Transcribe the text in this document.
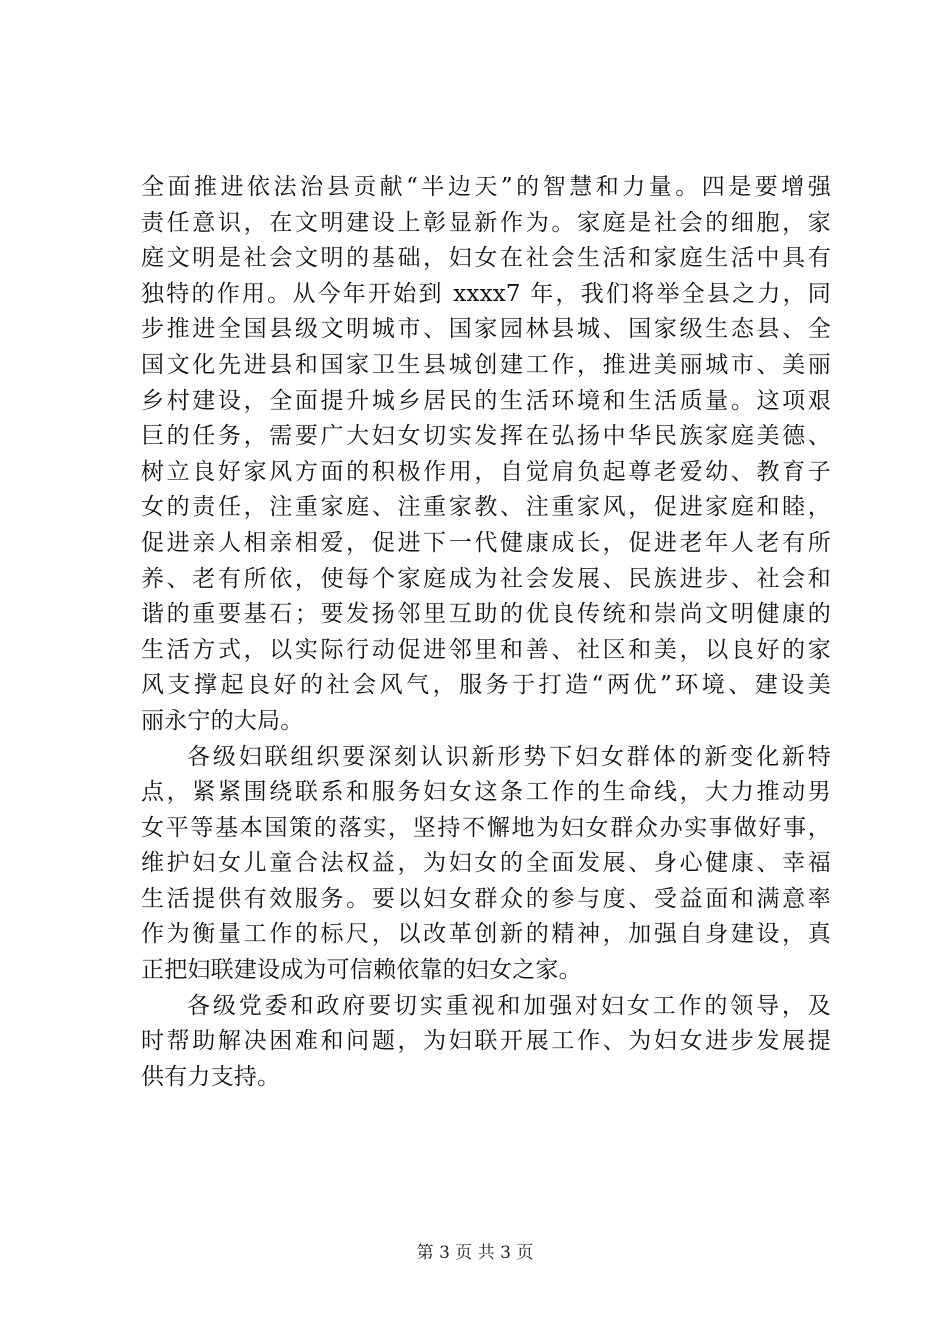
全面推进依法治县贡献“半边天”的智慧和力量。四是要增强
责任意识，在文明建设上彰显新作为。家庭是社会的细胞，家
庭文明是社会文明的基础，妇女在社会生活和家庭生活中具有
独特的作用。从今年开始到 xxxx7 年，我们将举全县之力，同
步推进全国县级文明城市、国家园林县城、国家级生态县、全
国文化先进县和国家卫生县城创建工作，推进美丽城市、美丽
乡村建设，全面提升城乡居民的生活环境和生活质量。这项艰
巨的任务，需要广大妇女切实发挥在弘扬中华民族家庭美德、
树立良好家风方面的积极作用，自觉肩负起尊老爱幼、教育子
女的责任，注重家庭、注重家教、注重家风，促进家庭和睦，
促进亲人相亲相爱，促进下一代健康成长，促进老年人老有所
养、老有所依，使每个家庭成为社会发展、民族进步、社会和
谐的重要基石；要发扬邻里互助的优良传统和崇尚文明健康的
生活方式，以实际行动促进邻里和善、社区和美，以良好的家
风支撑起良好的社会风气，服务于打造“两优”环境、建设美
丽永宁的大局。
各级妇联组织要深刻认识新形势下妇女群体的新变化新特
点，紧紧围绕联系和服务妇女这条工作的生命线，大力推动男
女平等基本国策的落实，坚持不懈地为妇女群众办实事做好事，
维护妇女儿童合法权益，为妇女的全面发展、身心健康、幸福
生活提供有效服务。要以妇女群众的参与度、受益面和满意率
作为衡量工作的标尺，以改革创新的精神，加强自身建设，真
正把妇联建设成为可信赖依靠的妇女之家。
各级党委和政府要切实重视和加强对妇女工作的领导，及
时帮助解决困难和问题，为妇联开展工作、为妇女进步发展提
供有力支持。
第 3 页 共 3 页
